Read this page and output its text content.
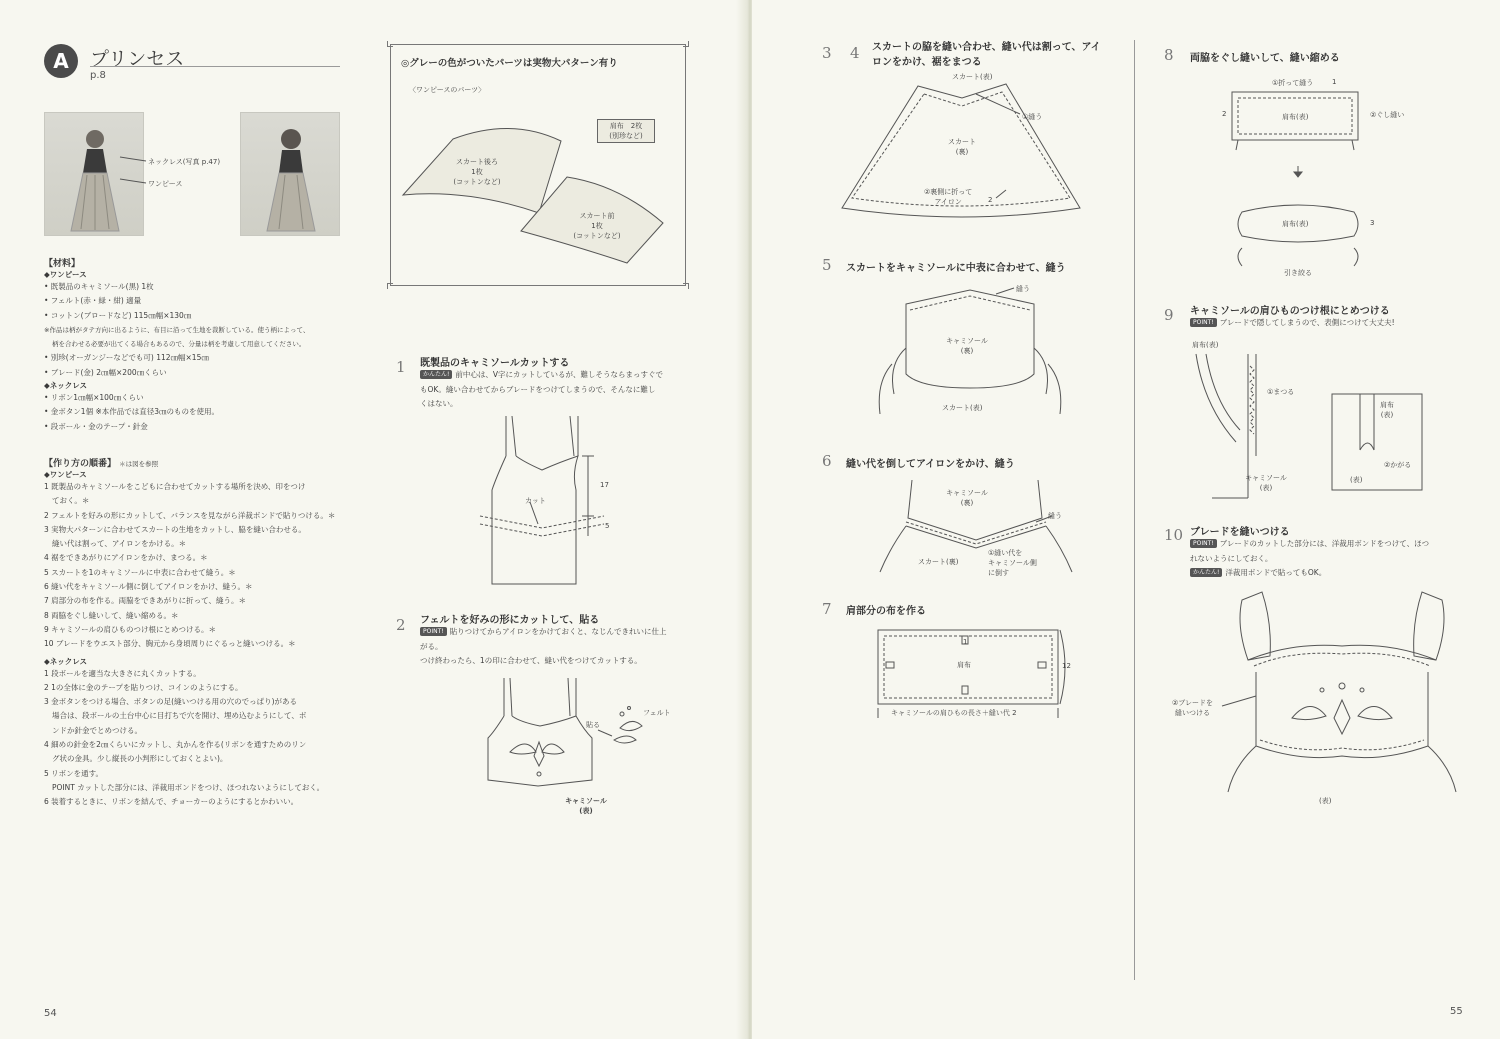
A	プリンセス
p.8
ネックレス(写真 p.47)
ワンピース
【材料】
◆ワンピース
• 既製品のキャミソール(黒) 1枚
• フェルト(赤・緑・紺) 適量
• コットン(ブロードなど) 115㎝幅×130㎝
※作品は柄がタテ方向に出るように、布目に沿って生地を裁断している。使う柄によって、
柄を合わせる必要が出てくる場合もあるので、分量は柄を考慮して用意してください。
• 別珍(オーガンジーなどでも可) 112㎝幅×15㎝
• ブレード(金) 2㎝幅×200㎝くらい
◆ネックレス
• リボン1㎝幅×100㎝くらい
• 金ボタン1個 ※本作品では直径3㎝のものを使用。
• 段ボール・金のテープ・針金
【作り方の順番】 ＊は図を参照
◆ワンピース
1 既製品のキャミソールをこどもに合わせてカットする場所を決め、印をつけ
ておく。＊
2 フェルトを好みの形にカットして、バランスを見ながら洋裁ボンドで貼りつける。＊
3 実物大パターンに合わせてスカートの生地をカットし、脇を縫い合わせる。
縫い代は割って、アイロンをかける。＊
4 裾をできあがりにアイロンをかけ、まつる。＊
5 スカートを1のキャミソールに中表に合わせて縫う。＊
6 縫い代をキャミソール側に倒してアイロンをかけ、縫う。＊
7 肩部分の布を作る。両脇をできあがりに折って、縫う。＊
8 両脇をぐし縫いして、縫い縮める。＊
9 キャミソールの肩ひものつけ根にとめつける。＊
10 ブレードをウエスト部分、胸元から身頃周りにぐるっと縫いつける。＊
◆ネックレス
1 段ボールを適当な大きさに丸くカットする。
2 1の全体に金のテープを貼りつけ、コインのようにする。
3 金ボタンをつける場合、ボタンの足(縫いつける用の穴のでっぱり)がある
場合は、段ボールの土台中心に目打ちで穴を開け、埋め込むようにして、ボ
ンドか針金でとめつける。
4 細めの針金を2㎝くらいにカットし、丸かんを作る(リボンを通すためのリン
グ状の金具。少し縦長の小判形にしておくとよい)。
5 リボンを通す。
POINT カットした部分には、洋裁用ボンドをつけ、ほつれないようにしておく。
6 装着するときに、リボンを結んで、チョーカーのようにするとかわいい。
◎グレーの色がついたパーツは実物大パターン有り
〈ワンピースのパーツ〉
肩布　2枚
(別珍など)
スカート後ろ
1枚
(コットンなど)
スカート前
1枚
(コットンなど)
1 既製品のキャミソールカットする
かんたん! 前中心は、V字にカットしているが、難しそうならまっすぐで
もOK。縫い合わせてからブレードをつけてしまうので、そんなに難し
くはない。
カット
17
5
2 フェルトを好みの形にカットして、貼る
POINT! 貼りつけてからアイロンをかけておくと、なじんできれいに仕上
がる。
つけ終わったら、1の印に合わせて、縫い代をつけてカットする。
フェルト
貼る
キャミソール
(表)
54
3 4 スカートの脇を縫い合わせ、縫い代は割って、アイ
ロンをかけ、裾をまつる
スカート(表)
①縫う
スカート
(裏)
②裏側に折って
アイロン	2
5 スカートをキャミソールに中表に合わせて、縫う
縫う
キャミソール
(裏)
スカート(表)
6 縫い代を倒してアイロンをかけ、縫う
キャミソール
(裏)
縫う
スカート(裏)
①縫い代を
キャミソール側
に倒す
7 肩部分の布を作る
肩布	12
1
キャミソールの肩ひもの長さ＋縫い代 2
8 両脇をぐし縫いして、縫い縮める
①折って縫う	1
2	②ぐし縫い
肩布(表)
肩布(表)	3
引き絞る
9 キャミソールの肩ひものつけ根にとめつける
POINT! ブレードで隠してしまうので、表側につけて大丈夫!
肩布(表)
①まつる
キャミソール
(表)
肩布
(表)
②かがる
(表)
10 ブレードを縫いつける
POINT! ブレードのカットした部分には、洋裁用ボンドをつけて、ほつ
れないようにしておく。
かんたん! 洋裁用ボンドで貼ってもOK。
②ブレードを
縫いつける
(表)
55
